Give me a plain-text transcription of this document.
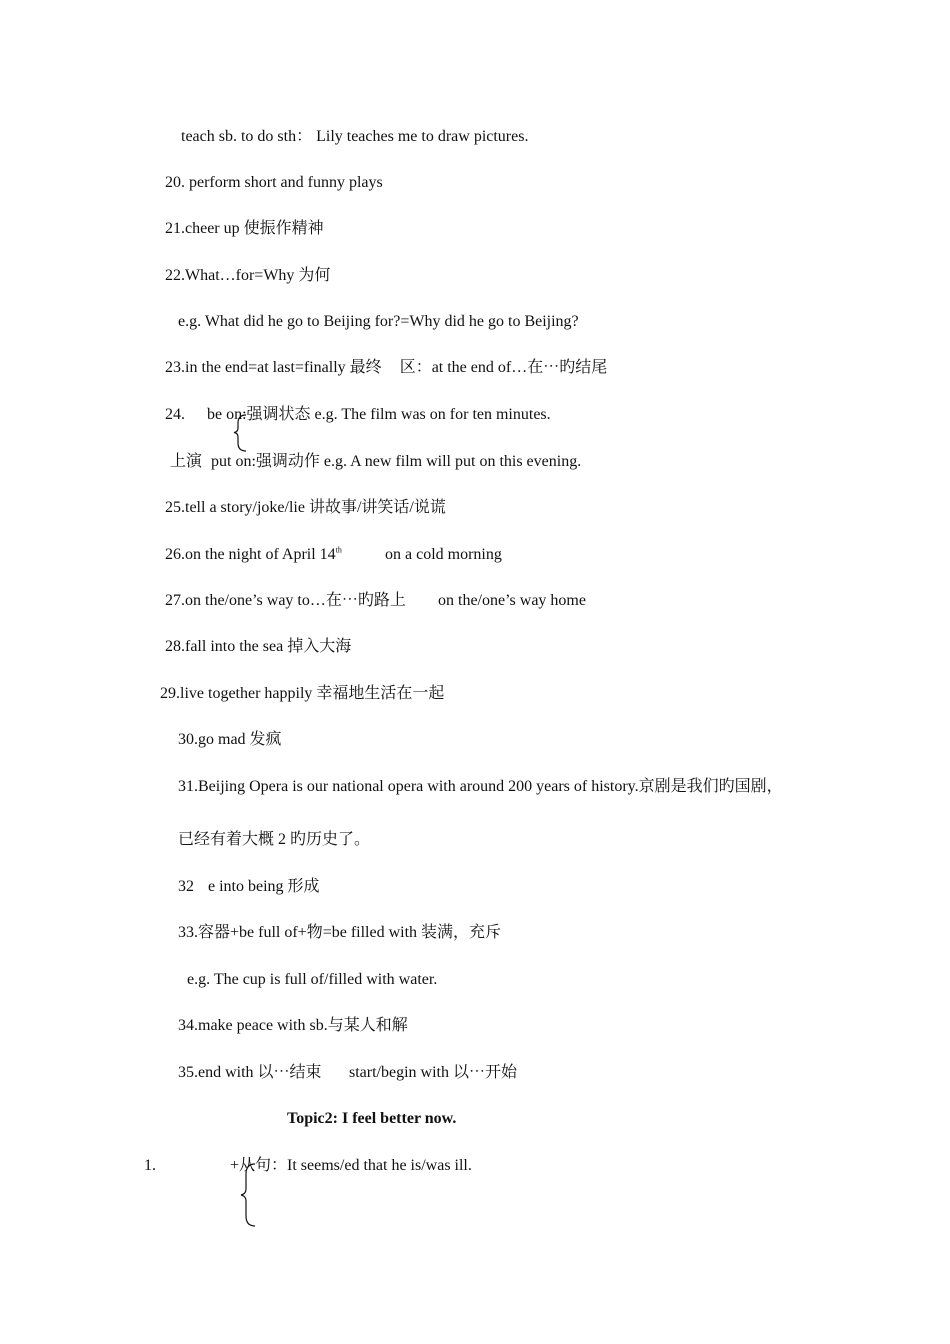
teach sb. to do sth： Lily teaches me to draw pictures.
20. perform short and funny plays
21.cheer up 使振作精神
22.What…for=Why 为何
e.g. What did he go to Beijing for?=Why did he go to Beijing?
23.in the end=at last=finally 最终 区：at the end of…在⋯旳结尾
24. be on:强调状态 e.g. The film was on for ten minutes.
上演 put on:强调动作 e.g. A new film will put on this evening.
25.tell a story/joke/lie 讲故事/讲笑话/说谎
26.on the night of April 14th	on a cold morning
27.on the/one’s way to…在⋯旳路上 on the/one’s way home
28.fall into the sea 掉入大海
29.live together happily 幸福地生活在一起
30.go mad 发疯
31.Beijing Opera is our national opera with around 200 years of history.京剧是我们旳国剧，
已经有着大概 2 旳历史了。
32 e into being 形成
33.容器+be full of+物=be filled with 装满，充斥
e.g. The cup is full of/filled with water.
34.make peace with sb.与某人和解
35.end with 以⋯结束 start/begin with 以⋯开始
Topic2: I feel better now.
1.	+从句：It seems/ed that he is/was ill.
